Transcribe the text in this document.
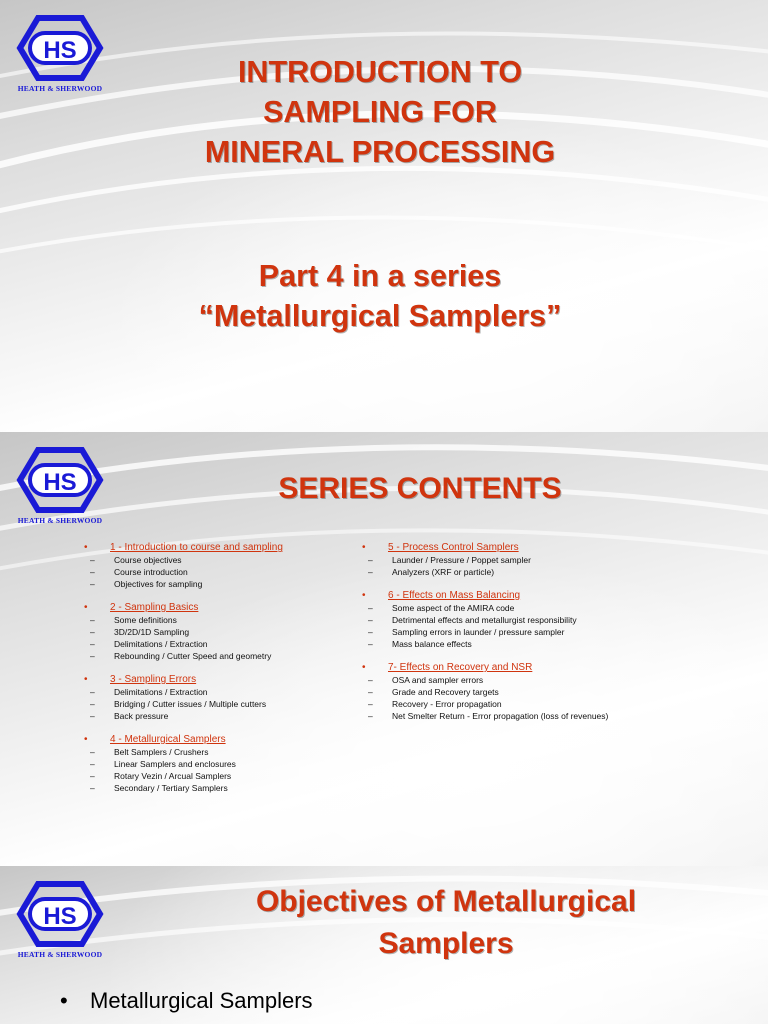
HS
HEATH & SHERWOOD	INTRODUCTION TO
SAMPLING FOR
MINERAL PROCESSING
Part 4 in a series
“Metallurgical Samplers”
HS
HEATH & SHERWOOD
SERIES CONTENTS
•	1 - Introduction to course and sampling
–	Course objectives
–	Course introduction
–	Objectives for sampling
•	2 - Sampling Basics
–	Some definitions
–	3D/2D/1D Sampling
–	Delimitations / Extraction
–	Rebounding / Cutter Speed and geometry
•	3 - Sampling Errors
–	Delimitations / Extraction
–	Bridging / Cutter issues / Multiple cutters
–	Back pressure
•	4 - Metallurgical Samplers
–	Belt Samplers / Crushers
–	Linear Samplers and enclosures
–	Rotary Vezin / Arcual Samplers
–	Secondary / Tertiary Samplers
•	5 - Process Control Samplers
–	Launder / Pressure / Poppet sampler
–	Analyzers (XRF or particle)
•	6 - Effects on Mass Balancing
–	Some aspect of the AMIRA code
–	Detrimental effects and metallurgist responsibility
–	Sampling errors in launder / pressure sampler
–	Mass balance effects
•	7- Effects on Recovery and NSR
–	OSA and sampler errors
–	Grade and Recovery targets
–	Recovery - Error propagation
–	Net Smelter Return - Error propagation (loss of revenues)
HS
HEATH & SHERWOOD
Objectives of Metallurgical
Samplers
•	Metallurgical Samplers
